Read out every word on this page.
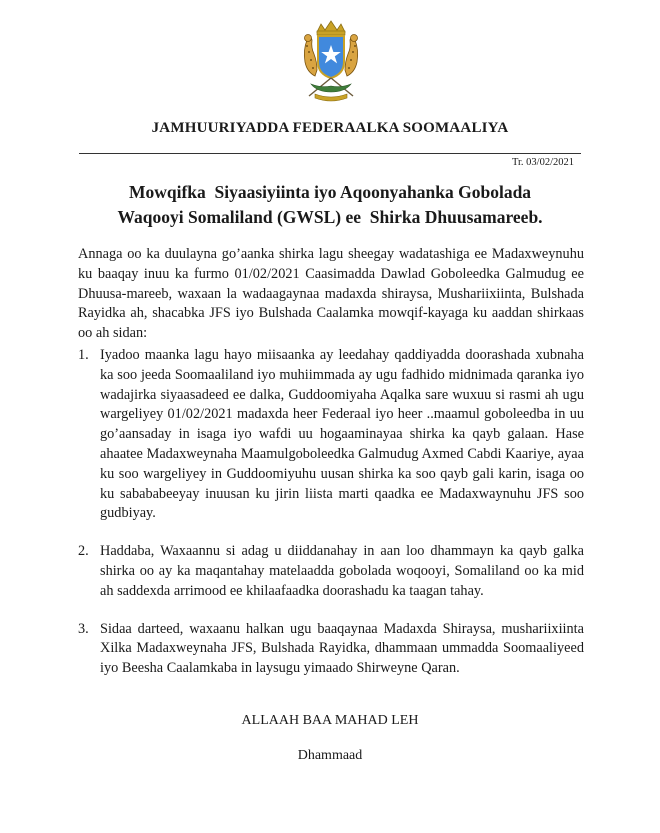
JAMHUURIYADDA FEDERAALKA SOOMAALIYA
Tr. 03/02/2021
Mowqifka  Siyaasiyiinta iyo Aqoonyahanka Gobolada
Waqooyi Somaliland (GWSL) ee  Shirka Dhuusamareeb.
Annaga oo ka duulayna go’aanka shirka lagu sheegay wadatashiga ee Madaxweynuhu ku baaqay inuu ka furmo 01/02/2021 Caasimadda Dawlad Goboleedka Galmudug ee Dhuusa-mareeb, waxaan la wadaagaynaa madaxda shiraysa, Mushariixiinta, Bulshada Rayidka ah, shacabka JFS iyo Bulshada Caalamka mowqif-kayaga ku aaddan shirkaas oo ah sidan:
1. Iyadoo maanka lagu hayo miisaanka ay leedahay qaddiyadda doorashada xubnaha ka soo jeeda Soomaaliland iyo muhiimmada ay ugu fadhido midnimada qaranka iyo wadajirka siyaasadeed ee dalka, Guddoomiyaha Aqalka sare wuxuu si rasmi ah ugu wargeliyey 01/02/2021 madaxda heer Federaal iyo heer ..maamul goboleedba in uu go’aansaday in isaga iyo wafdi uu hogaaminayaa shirka ka qayb galaan. Hase ahaatee Madaxweynaha Maamulgoboleedka Galmudug Axmed Cabdi Kaariye, ayaa ku soo wargeliyey in Guddoomiyuhu uusan shirka ka soo qayb gali karin, isaga oo ku sabababeeyay inuusan ku jirin liista marti qaadka ee Madaxwaynuhu JFS soo gudbiyay.
2. Haddaba, Waxaannu si adag u diiddanahay in aan loo dhammayn ka qayb galka shirka oo ay ka maqantahay matelaadda gobolada woqooyi, Somaliland oo ka mid ah saddexda arrimood ee khilaafaadka doorashadu ka taagan tahay.
3. Sidaa darteed, waxaanu halkan ugu baaqaynaa Madaxda Shiraysa, mushariixiinta Xilka Madaxweynaha JFS, Bulshada Rayidka, dhammaan ummadda Soomaaliyeed iyo Beesha Caalamkaba in laysugu yimaado Shirweyne Qaran.
ALLAAH BAA MAHAD LEH
Dhammaad
